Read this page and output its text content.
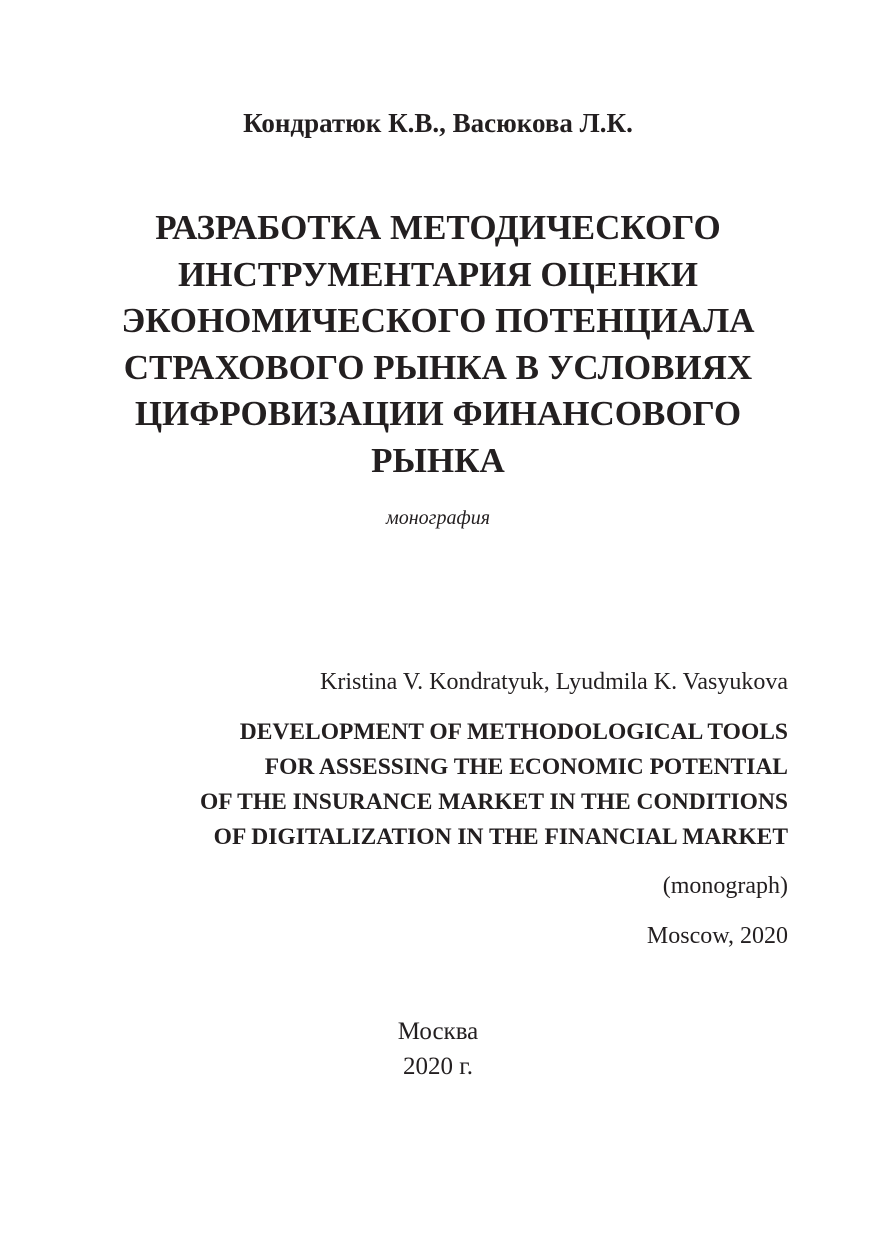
Кондратюк К.В., Васюкова Л.К.
РАЗРАБОТКА МЕТОДИЧЕСКОГО
ИНСТРУМЕНТАРИЯ ОЦЕНКИ
ЭКОНОМИЧЕСКОГО ПОТЕНЦИАЛА
СТРАХОВОГО РЫНКА В УСЛОВИЯХ
ЦИФРОВИЗАЦИИ ФИНАНСОВОГО
РЫНКА
монография
Kristina V. Kondratyuk, Lyudmila K. Vasyukova
DEVELOPMENT OF METHODOLOGICAL TOOLS
FOR ASSESSING THE ECONOMIC POTENTIAL
OF THE INSURANCE MARKET IN THE CONDITIONS
OF DIGITALIZATION IN THE FINANCIAL MARKET
(monograph)
Moscow, 2020
Москва
2020 г.
